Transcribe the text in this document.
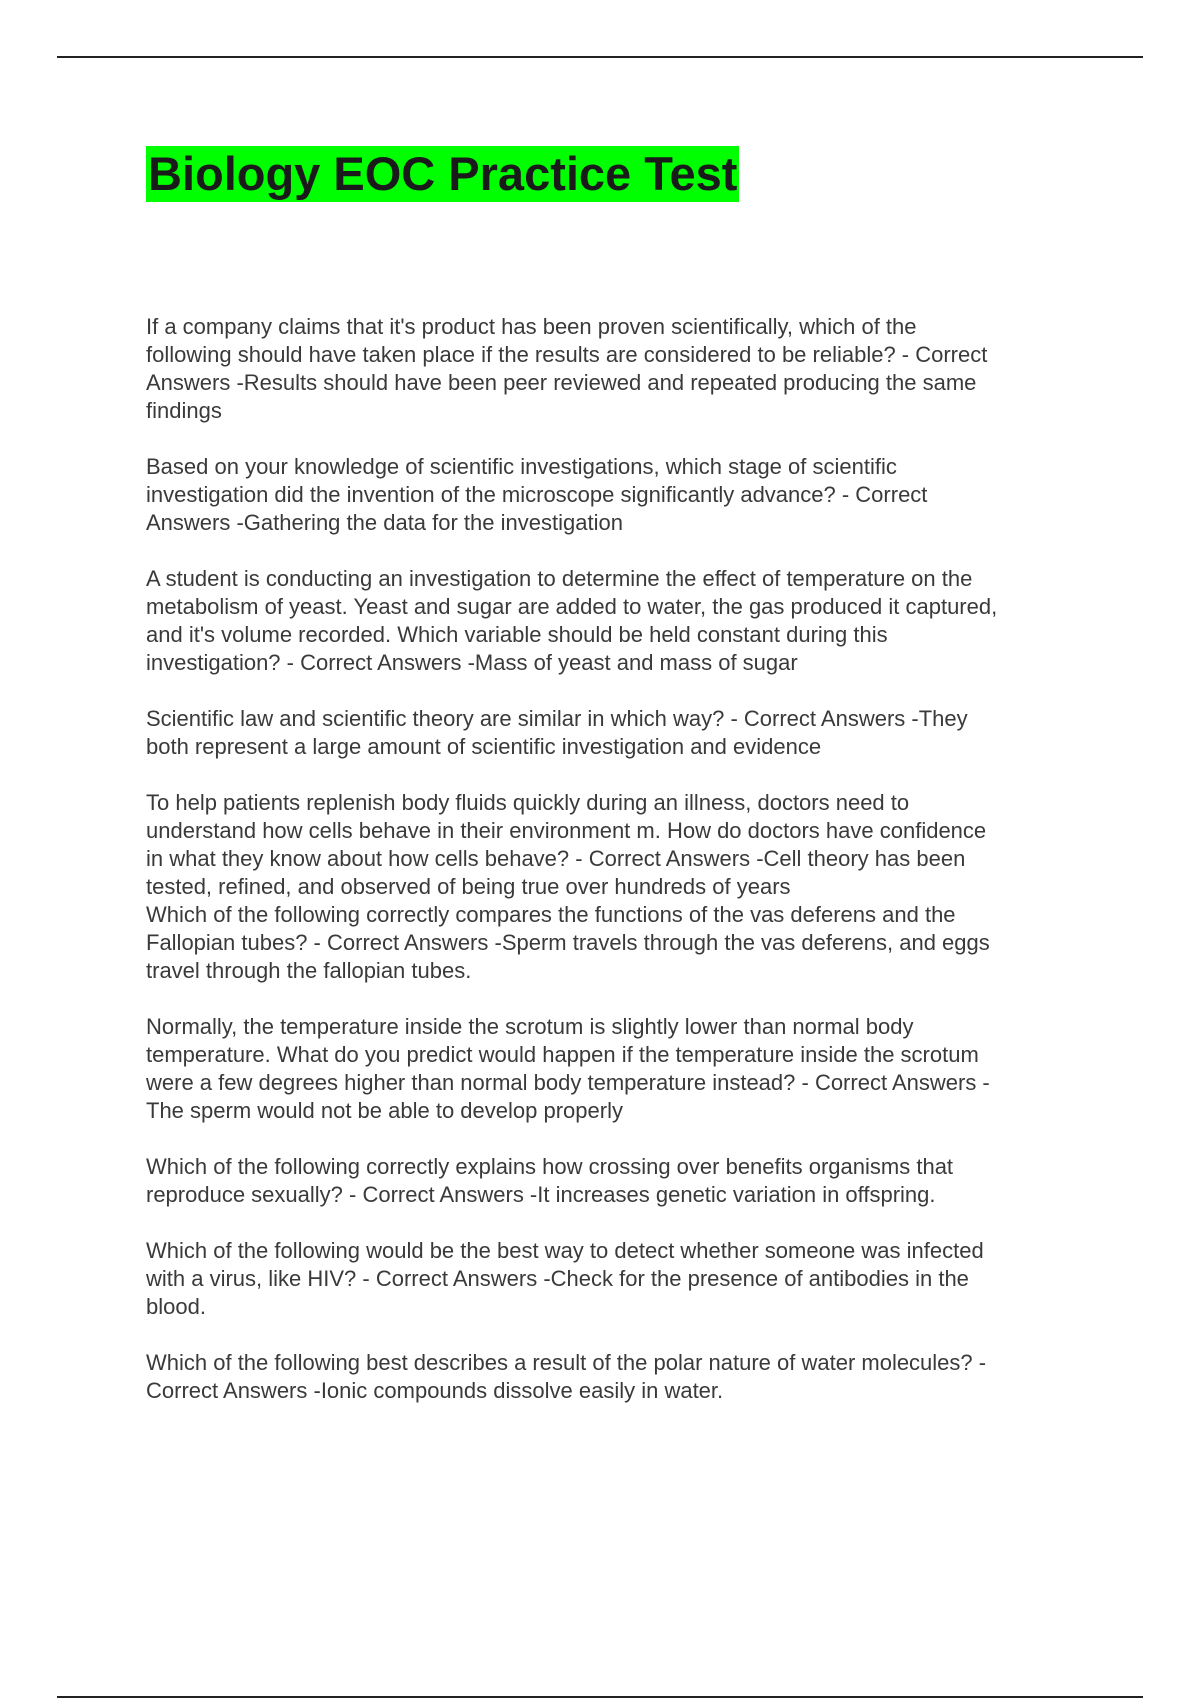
Biology EOC Practice Test

If a company claims that it's product has been proven scientifically, which of the
following should have taken place if the results are considered to be reliable? - Correct
Answers -Results should have been peer reviewed and repeated producing the same
findings

Based on your knowledge of scientific investigations, which stage of scientific
investigation did the invention of the microscope significantly advance? - Correct
Answers -Gathering the data for the investigation

A student is conducting an investigation to determine the effect of temperature on the
metabolism of yeast. Yeast and sugar are added to water, the gas produced it captured,
and it's volume recorded. Which variable should be held constant during this
investigation? - Correct Answers -Mass of yeast and mass of sugar

Scientific law and scientific theory are similar in which way? - Correct Answers -They
both represent a large amount of scientific investigation and evidence

To help patients replenish body fluids quickly during an illness, doctors need to
understand how cells behave in their environment m. How do doctors have confidence
in what they know about how cells behave? - Correct Answers -Cell theory has been
tested, refined, and observed of being true over hundreds of years

Which of the following correctly compares the functions of the vas deferens and the
Fallopian tubes? - Correct Answers -Sperm travels through the vas deferens, and eggs
travel through the fallopian tubes.

Normally, the temperature inside the scrotum is slightly lower than normal body
temperature. What do you predict would happen if the temperature inside the scrotum
were a few degrees higher than normal body temperature instead? - Correct Answers -
The sperm would not be able to develop properly

Which of the following correctly explains how crossing over benefits organisms that
reproduce sexually? - Correct Answers -It increases genetic variation in offspring.

Which of the following would be the best way to detect whether someone was infected
with a virus, like HIV? - Correct Answers -Check for the presence of antibodies in the
blood.

Which of the following best describes a result of the polar nature of water molecules? -
Correct Answers -Ionic compounds dissolve easily in water.
